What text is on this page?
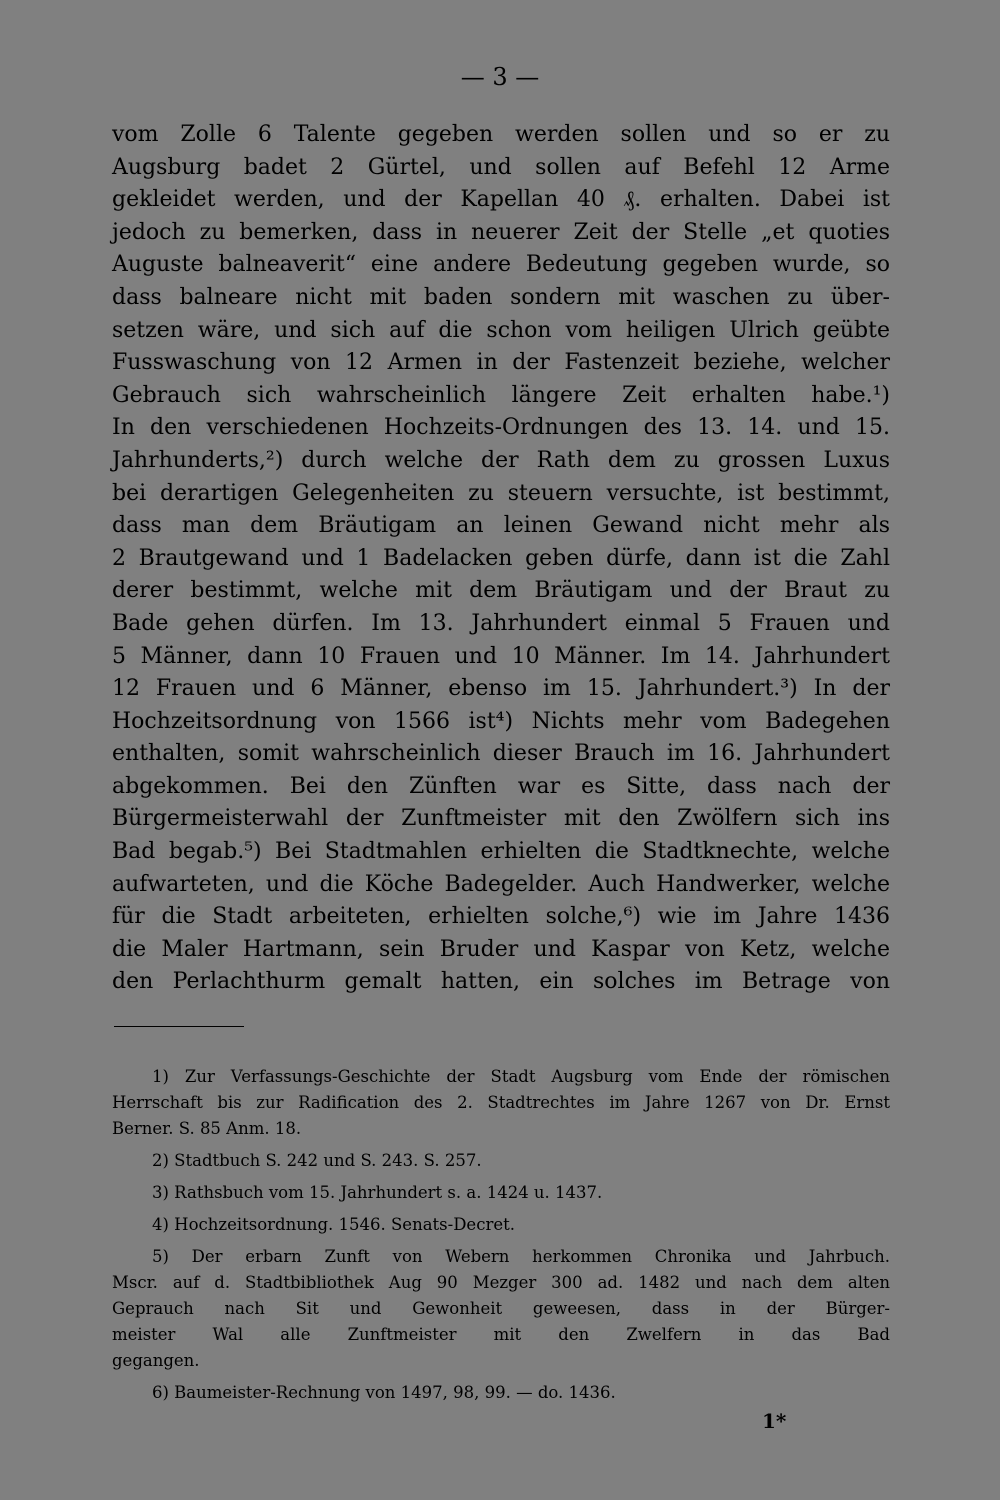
— 3 —
vom Zolle 6 Talente gegeben werden sollen und so er zu
Augsburg badet 2 Gürtel, und sollen auf Befehl 12 Arme
gekleidet werden, und der Kapellan 40 ₰. erhalten. Dabei ist
jedoch zu bemerken, dass in neuerer Zeit der Stelle „et quoties
Auguste balneaverit“ eine andere Bedeutung gegeben wurde, so
dass balneare nicht mit baden sondern mit waschen zu über-
setzen wäre, und sich auf die schon vom heiligen Ulrich geübte
Fusswaschung von 12 Armen in der Fastenzeit beziehe, welcher
Gebrauch sich wahrscheinlich längere Zeit erhalten habe.¹)
In den verschiedenen Hochzeits-Ordnungen des 13. 14. und 15.
Jahrhunderts,²) durch welche der Rath dem zu grossen Luxus
bei derartigen Gelegenheiten zu steuern versuchte, ist bestimmt,
dass man dem Bräutigam an leinen Gewand nicht mehr als
2 Brautgewand und 1 Badelacken geben dürfe, dann ist die Zahl
derer bestimmt, welche mit dem Bräutigam und der Braut zu
Bade gehen dürfen. Im 13. Jahrhundert einmal 5 Frauen und
5 Männer, dann 10 Frauen und 10 Männer. Im 14. Jahrhundert
12 Frauen und 6 Männer, ebenso im 15. Jahrhundert.³) In der
Hochzeitsordnung von 1566 ist⁴) Nichts mehr vom Badegehen
enthalten, somit wahrscheinlich dieser Brauch im 16. Jahrhundert
abgekommen. Bei den Zünften war es Sitte, dass nach der
Bürgermeisterwahl der Zunftmeister mit den Zwölfern sich ins
Bad begab.⁵) Bei Stadtmahlen erhielten die Stadtknechte, welche
aufwarteten, und die Köche Badegelder. Auch Handwerker, welche
für die Stadt arbeiteten, erhielten solche,⁶) wie im Jahre 1436
die Maler Hartmann, sein Bruder und Kaspar von Ketz, welche
den Perlachthurm gemalt hatten, ein solches im Betrage von
1) Zur Verfassungs-Geschichte der Stadt Augsburg vom Ende der römischen
Herrschaft bis zur Radification des 2. Stadtrechtes im Jahre 1267 von Dr. Ernst
Berner. S. 85 Anm. 18.
2) Stadtbuch S. 242 und S. 243. S. 257.
3) Rathsbuch vom 15. Jahrhundert s. a. 1424 u. 1437.
4) Hochzeitsordnung. 1546. Senats-Decret.
5) Der erbarn Zunft von Webern herkommen Chronika und Jahrbuch.
Mscr. auf d. Stadtbibliothek Aug 90 Mezger 300 ad. 1482 und nach dem alten
Geprauch nach Sit und Gewonheit geweesen, dass in der Bürger-
meister Wal alle Zunftmeister mit den Zwelfern in das Bad
gegangen.
6) Baumeister-Rechnung von 1497, 98, 99. — do. 1436.
1*
